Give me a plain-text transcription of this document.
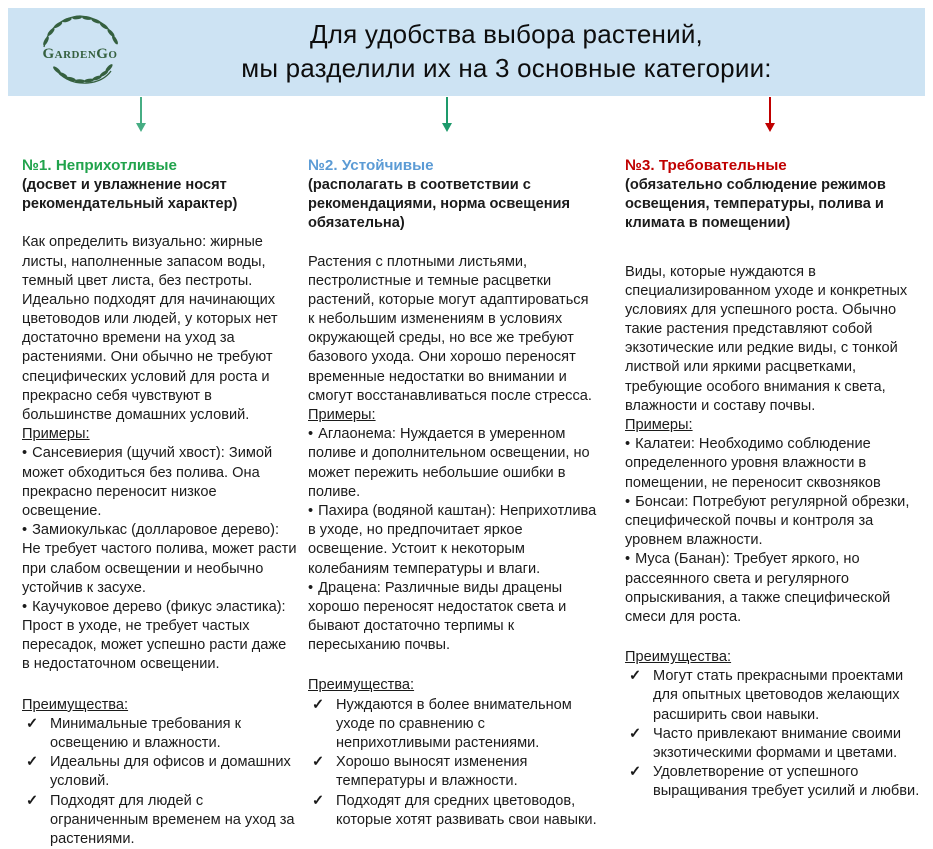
GardenGo
Для удобства выбора растений,
мы разделили их на 3 основные категории:
№1. Неприхотливые
(досвет и увлажнение носят рекомендательный характер)
Как определить визуально: жирные листы, наполненные запасом воды, темный цвет листа, без пестроты. Идеально подходят для начинающих цветоводов или людей, у которых нет достаточно времени на уход за растениями. Они обычно не требуют специфических условий для роста и прекрасно себя чувствуют в большинстве домашних условий.
Примеры:
• Сансевиерия (щучий хвост): Зимой может обходиться без полива. Она прекрасно переносит низкое освещение.
• Замиокулькас (долларовое дерево): Не требует частого полива, может расти при слабом освещении и необычно устойчив к засухе.
• Каучуковое дерево (фикус эластика): Прост в уходе, не требует частых пересадок, может успешно расти даже в недостаточном освещении.
Преимущества:
✓ Минимальные требования к освещению и влажности.
✓ Идеальны для офисов и домашних условий.
✓ Подходят для людей с ограниченным временем на уход за растениями.
№2. Устойчивые
(располагать в соответствии с рекомендациями, норма освещения обязательна)
Растения с плотными листьями, пестролистные и темные расцветки растений, которые могут адаптироваться к небольшим изменениям в условиях окружающей среды, но все же требуют базового ухода. Они хорошо переносят временные недостатки во внимании и смогут восстанавливаться после стресса.
Примеры:
• Аглаонема: Нуждается в умеренном поливе и дополнительном освещении, но может пережить небольшие ошибки в поливе.
• Пахира (водяной каштан): Неприхотлива в уходе, но предпочитает яркое освещение. Устоит к некоторым колебаниям температуры и влаги.
• Драцена: Различные виды драцены хорошо переносят недостаток света и бывают достаточно терпимы к пересыханию почвы.
Преимущества:
✓ Нуждаются в более внимательном уходе по сравнению с неприхотливыми растениями.
✓ Хорошо выносят изменения температуры и влажности.
✓ Подходят для средних цветоводов, которые хотят развивать свои навыки.
№3. Требовательные
(обязательно соблюдение режимов освещения, температуры, полива и климата в помещении)
Виды, которые нуждаются в специализированном уходе и конкретных условиях для успешного роста. Обычно такие растения представляют собой экзотические или редкие виды, с тонкой листвой или яркими расцветками, требующие особого внимания к света, влажности и составу почвы.
Примеры:
• Калатеи: Необходимо соблюдение определенного уровня влажности в помещении, не переносит сквозняков
• Бонсаи: Потребуют регулярной обрезки, специфической почвы и контроля за уровнем влажности.
• Муса (Банан): Требует яркого, но рассеянного света и регулярного опрыскивания, а также специфической смеси для роста.
Преимущества:
✓ Могут стать прекрасными проектами для опытных цветоводов желающих расширить свои навыки.
✓ Часто привлекают внимание своими экзотическими формами и цветами.
✓ Удовлетворение от успешного выращивания требует усилий и любви.
